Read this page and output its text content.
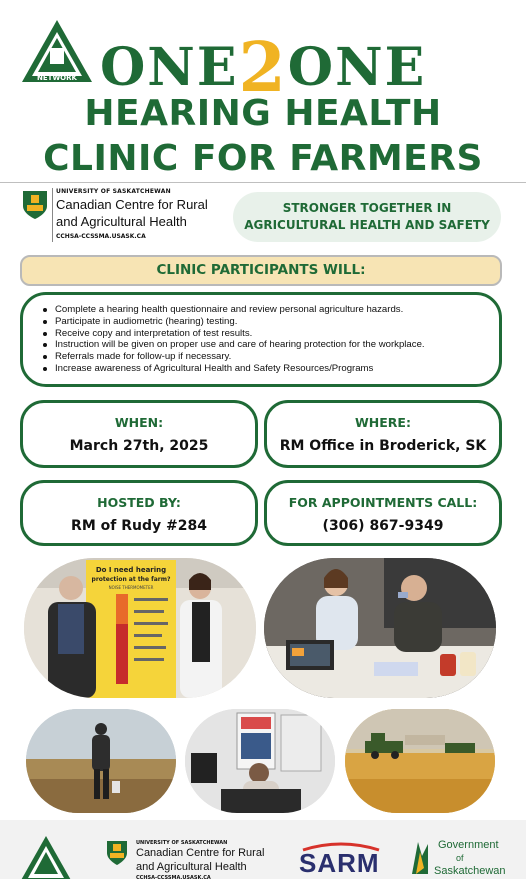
NETWORK ONE2ONE
HEARING HEALTH
CLINIC FOR FARMERS
UNIVERSITY OF SASKATCHEWAN
Canadian Centre for Rural
and Agricultural Health
CCHSA-CCSSMA.USASK.CA
STRONGER TOGETHER IN
AGRICULTURAL HEALTH AND SAFETY
CLINIC PARTICIPANTS WILL:
Complete a hearing health questionnaire and review personal agriculture hazards.
Participate in audiometric (hearing) testing.
Receive copy and interpretation of test results.
Instruction will be given on proper use and care of hearing protection for the workplace.
Referrals made for follow-up if necessary.
Increase awareness of Agricultural Health and Safety Resources/Programs
WHEN:
March 27th, 2025
WHERE:
RM Office in Broderick, SK
HOSTED BY:
RM of Rudy #284
FOR APPOINTMENTS CALL:
(306) 867-9349
Do I need hearing
protection at the farm?
NOISE THERMOMETER
UNIVERSITY OF SASKATCHEWAN
Canadian Centre for Rural
and Agricultural Health
CCHSA-CCSSMA.USASK.CA	SARM
Government
of
Saskatchewan
